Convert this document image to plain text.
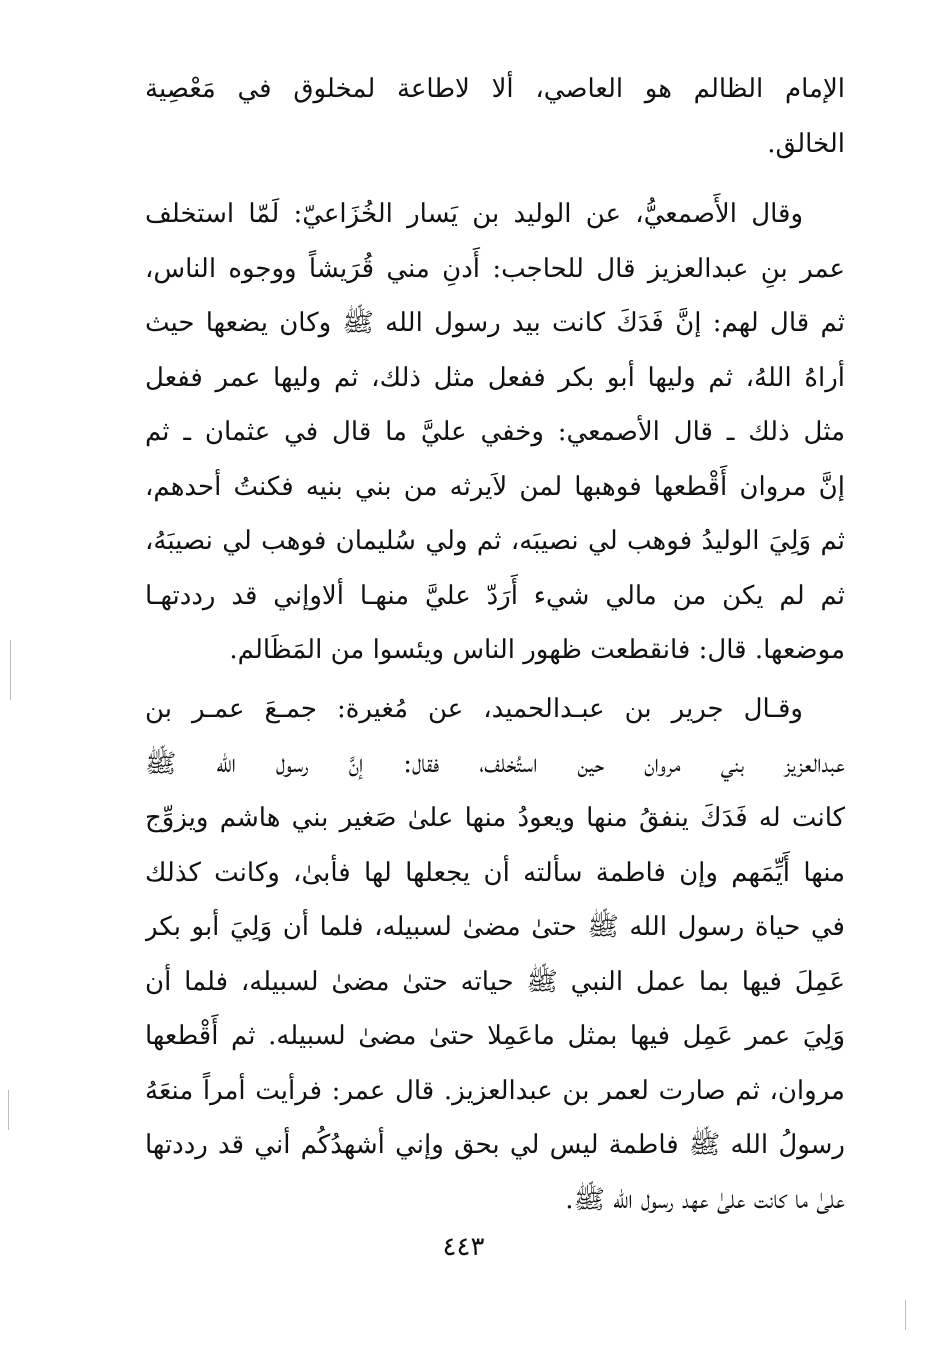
الإمام الظالم هو العاصي، ألا لاطاعة لمخلوق في مَعْصِية
الخالق.
وقال الأَصمعيُّ، عن الوليد بن يَسار الخُزَاعيّ: لَمّا استخلف
عمر بنِ عبدالعزيز قال للحاجب: أَدنِ مني قُرَيشاً ووجوه الناس،
ثم قال لهم: إنَّ فَدَكَ كانت بيد رسول الله ﷺ وكان يضعها حيث
أراهُ اللهُ، ثم وليها أبو بكر ففعل مثل ذلك، ثم وليها عمر ففعل
مثل ذلك ـ قال الأصمعي: وخفي عليَّ ما قال في عثمان ـ ثم
إنَّ مروان أَقْطعها فوهبها لمن لاَيرثه من بني بنيه فكنتُ أحدهم،
ثم وَلِيَ الوليدُ فوهب لي نصيبَه، ثم ولي سُليمان فوهب لي نصيبَهُ،
ثم لم يكن من مالي شيء أَرَدّ عليَّ منهـا ألاوإني قد رددتهـا
موضعها. قال: فانقطعت ظهور الناس ويئسوا من المَظَالم.
وقـال جرير بن عبـدالحميد، عن مُغيرة: جمـعَ عمـر بن
عبدالعزيز بني مروان حين استُخلف، فقال: إنَّ رسول الله ﷺ
كانت له فَدَكَ ينفقُ منها ويعودُ منها علىٰ صَغير بني هاشم ويزوِّج
منها أَيِّمَهم وإن فاطمة سألته أن يجعلها لها فأبىٰ، وكانت كذلك
في حياة رسول الله ﷺ حتىٰ مضىٰ لسبيله، فلما أن وَلِيَ أبو بكر
عَمِلَ فيها بما عمل النبي ﷺ حياته حتىٰ مضىٰ لسبيله، فلما أن
وَلِيَ عمر عَمِل فيها بمثل ماعَمِلا حتىٰ مضىٰ لسبيله. ثم أَقْطعها
مروان، ثم صارت لعمر بن عبدالعزيز. قال عمر: فرأيت أمراً منعَهُ
رسولُ الله ﷺ فاطمة ليس لي بحق وإني أشهدُكُم أني قد رددتها
علىٰ ما كانت علىٰ عهد رسول الله ﷺ.
٤٤٣
